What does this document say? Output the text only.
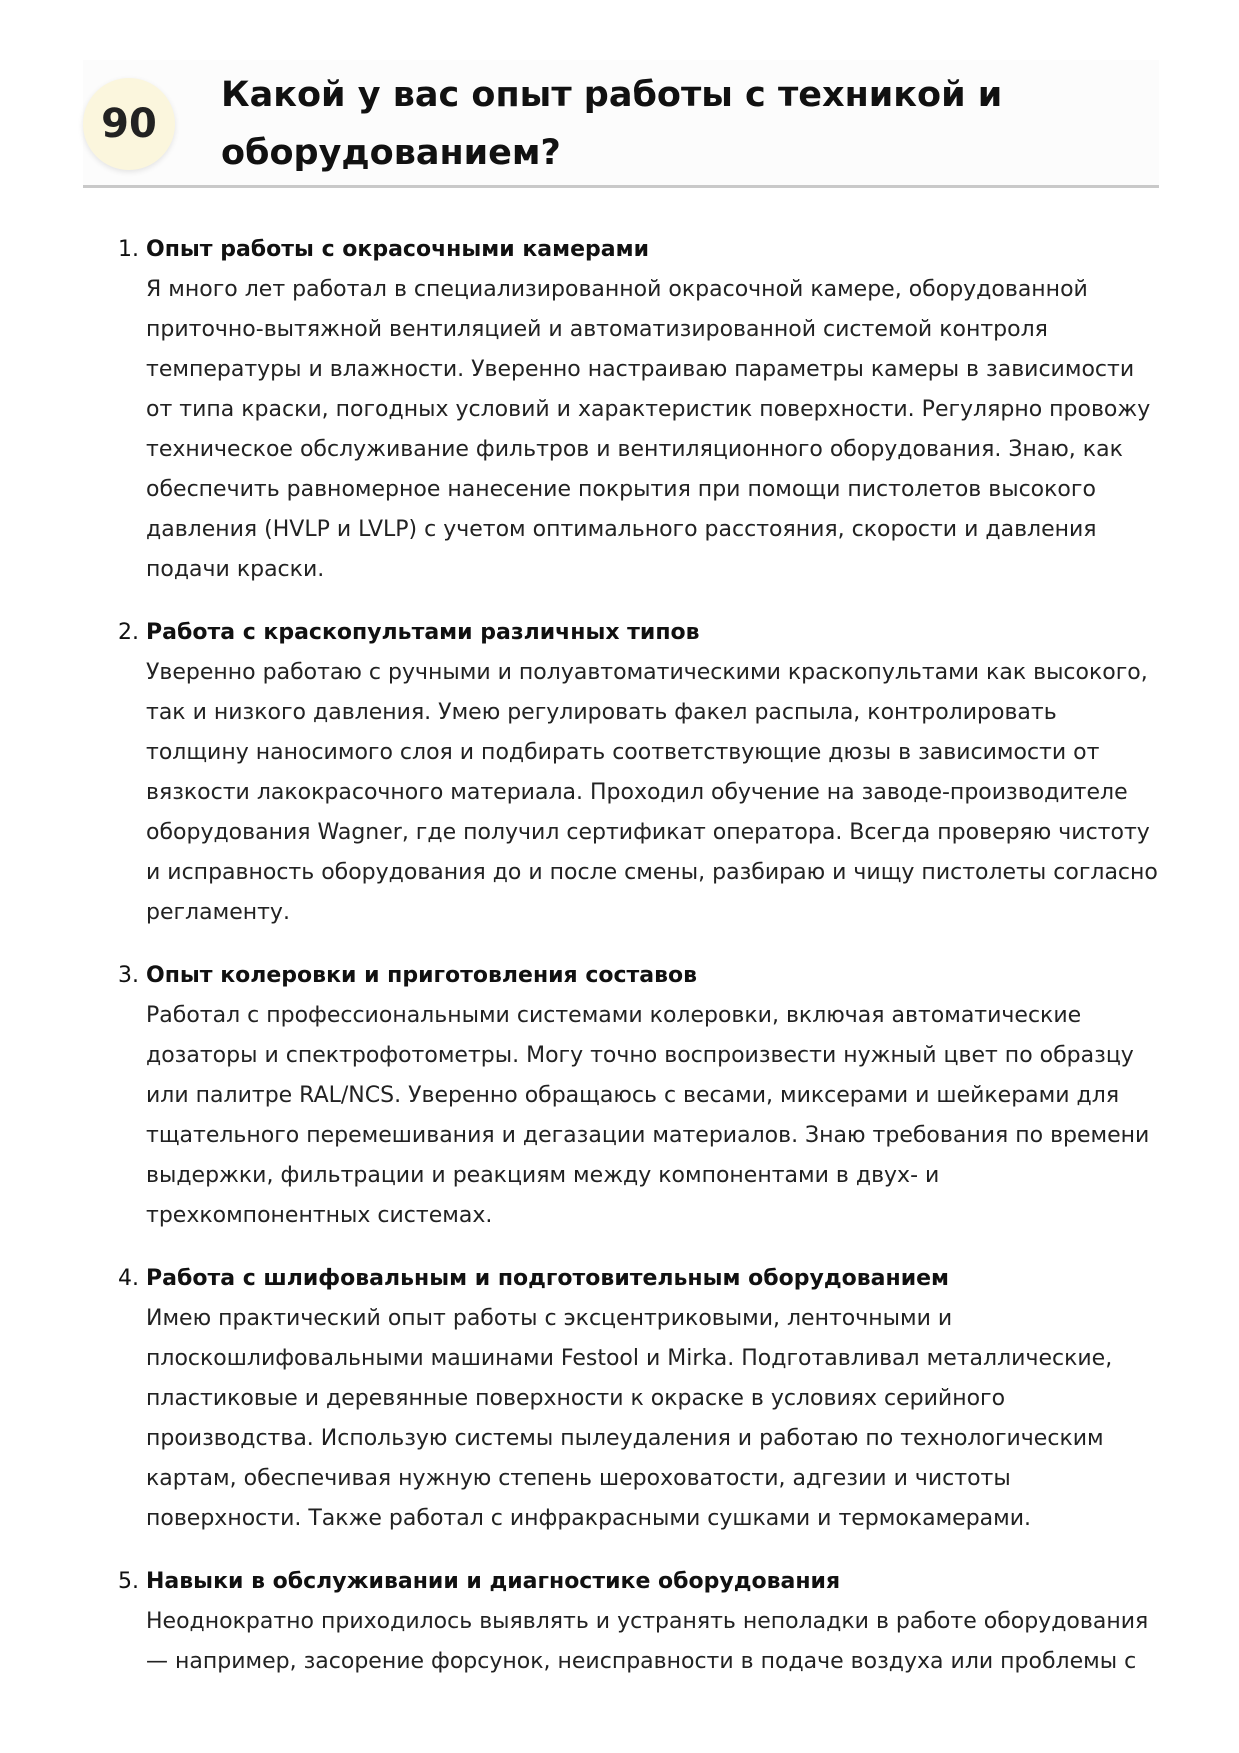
90
Какой у вас опыт работы с техникой и оборудованием?
1. Опыт работы с окрасочными камерами

Я много лет работал в специализированной окрасочной камере, оборудованной приточно-вытяжной вентиляцией и автоматизированной системой контроля температуры и влажности. Уверенно настраиваю параметры камеры в зависимости от типа краски, погодных условий и характеристик поверхности. Регулярно провожу техническое обслуживание фильтров и вентиляционного оборудования. Знаю, как обеспечить равномерное нанесение покрытия при помощи пистолетов высокого давления (HVLP и LVLP) с учетом оптимального расстояния, скорости и давления подачи краски.

2. Работа с краскопультами различных типов

Уверенно работаю с ручными и полуавтоматическими краскопультами как высокого, так и низкого давления. Умею регулировать факел распыла, контролировать толщину наносимого слоя и подбирать соответствующие дюзы в зависимости от вязкости лакокрасочного материала. Проходил обучение на заводе-производителе оборудования Wagner, где получил сертификат оператора. Всегда проверяю чистоту и исправность оборудования до и после смены, разбираю и чищу пистолеты согласно регламенту.

3. Опыт колеровки и приготовления составов

Работал с профессиональными системами колеровки, включая автоматические дозаторы и спектрофотометры. Могу точно воспроизвести нужный цвет по образцу или палитре RAL/NCS. Уверенно обращаюсь с весами, миксерами и шейкерами для тщательного перемешивания и дегазации материалов. Знаю требования по времени выдержки, фильтрации и реакциям между компонентами в двух- и трехкомпонентных системах.

4. Работа с шлифовальным и подготовительным оборудованием

Имею практический опыт работы с эксцентриковыми, ленточными и плоскошлифовальными машинами Festool и Mirka. Подготавливал металлические, пластиковые и деревянные поверхности к окраске в условиях серийного производства. Использую системы пылеудаления и работаю по технологическим картам, обеспечивая нужную степень шероховатости, адгезии и чистоты поверхности. Также работал с инфракрасными сушками и термокамерами.

5. Навыки в обслуживании и диагностике оборудования

Неоднократно приходилось выявлять и устранять неполадки в работе оборудования — например, засорение форсунок, неисправности в подаче воздуха или проблемы с
